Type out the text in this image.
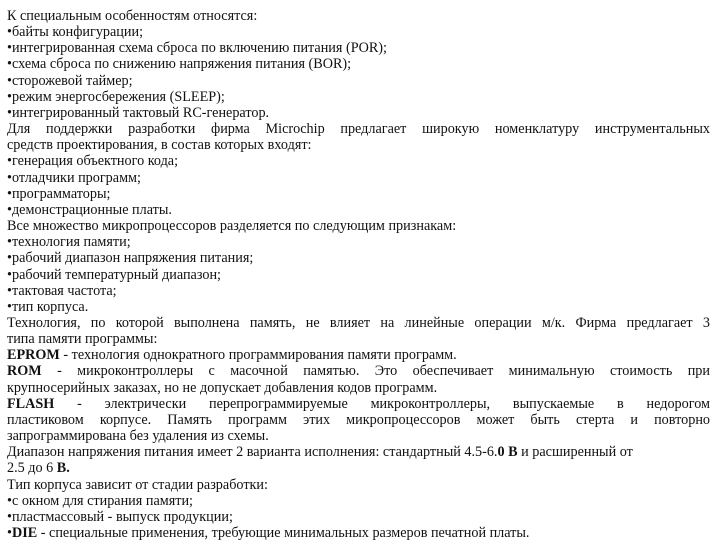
К специальным особенностям относятся:

• байты конфигурации;

• интегрированная схема сброса по включению питания (POR);

• схема сброса по снижению напряжения питания (BOR);

• сторожевой таймер;

• режим энергосбережения (SLEEP);

• интегрированный тактовый RC-генератор.

Для поддержки разработки фирма Microchip предлагает широкую номенклатуру инструментальных

средств проектирования, в состав которых входят:

• генерация объектного кода;

• отладчики программ;

• программаторы;

• демонстрационные платы.

Все множество микропроцессоров разделяется по следующим признакам:

• технология памяти;

• рабочий диапазон напряжения питания;

• рабочий температурный диапазон;

• тактовая частота;

• тип корпуса.

Технология, по которой выполнена память, не влияет на линейные операции м/к. Фирма предлагает 3

типа памяти программы:

EPROM - технология однократного программирования памяти программ.

ROM - микроконтроллеры с масочной памятью. Это обеспечивает минимальную стоимость при

крупносерийных заказах, но не допускает добавления кодов программ.

FLASH - электрически перепрограммируемые микроконтроллеры, выпускаемые в недорогом

пластиковом корпусе. Память программ этих микропроцессоров может быть стерта и повторно

запрограммирована без удаления из схемы.

Диапазон напряжения питания имеет 2 варианта исполнения: стандартный 4.5-6.0 В и расширенный от

2.5 до 6 В.

Тип корпуса зависит от стадии разработки:

• с окном для стирания памяти;

• пластмассовый - выпуск продукции;

• DIE - специальные применения, требующие минимальных размеров печатной платы.
